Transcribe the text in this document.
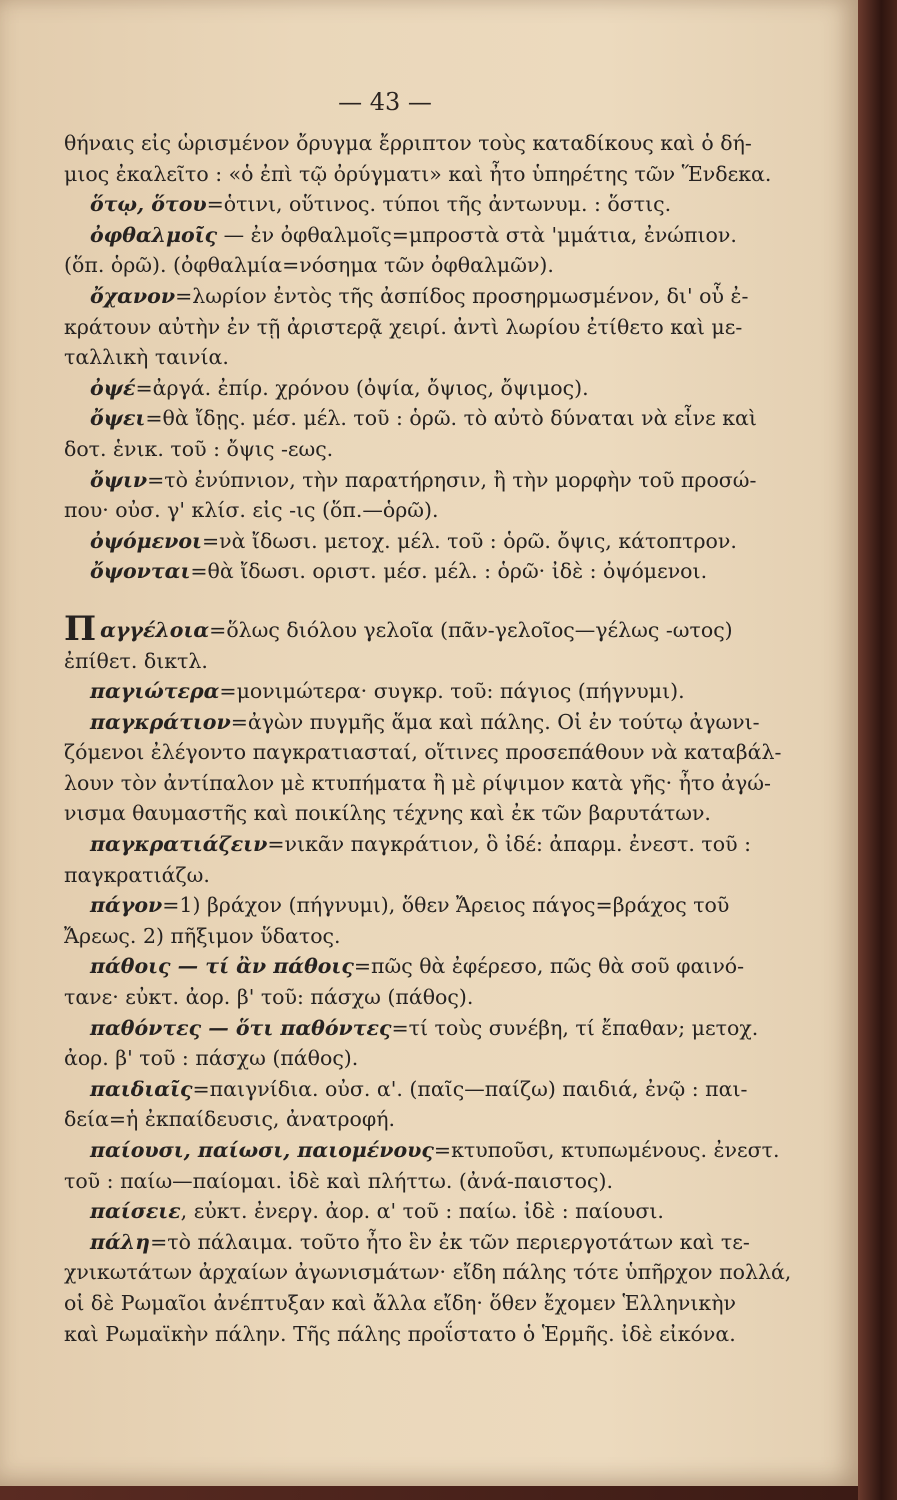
— 43 —
θήναις εἰς ὡρισμένον ὄρυγμα ἔρριπτον τοὺς καταδίκους καὶ ὁ δή-
μιος ἐκαλεῖτο : «ὁ ἐπὶ τῷ ὀρύγματι» καὶ ἦτο ὑπηρέτης τῶν Ἕνδεκα.
ὅτῳ, ὅτου=ὁτινι, οὕτινος. τύποι τῆς ἀντωνυμ. : ὅστις.
ὀφθαλμοῖς — ἐν ὀφθαλμοῖς=μπροστὰ στὰ 'μμάτια, ἐνώπιον.
(ὅπ. ὁρῶ). (ὀφθαλμία=νόσημα τῶν ὀφθαλμῶν).
ὄχανον=λωρίον ἐντὸς τῆς ἀσπίδος προσηρμωσμένον, δι' οὗ ἐ-
κράτουν αὐτὴν ἐν τῇ ἀριστερᾷ χειρί. ἀντὶ λωρίου ἐτίθετο καὶ με-
ταλλικὴ ταινία.
ὀψέ=ἀργά. ἐπίρ. χρόνου (ὀψία, ὄψιος, ὄψιμος).
ὄψει=θὰ ἴδῃς. μέσ. μέλ. τοῦ : ὁρῶ. τὸ αὐτὸ δύναται νὰ εἶνε καὶ
δοτ. ἑνικ. τοῦ : ὄψις -εως.
ὄψιν=τὸ ἐνύπνιον, τὴν παρατήρησιν, ἢ τὴν μορφὴν τοῦ προσώ-
που· οὐσ. γ' κλίσ. εἰς -ις (ὅπ.—ὁρῶ).
ὀψόμενοι=νὰ ἴδωσι. μετοχ. μέλ. τοῦ : ὁρῶ. ὄψις, κάτοπτρον.
ὄψονται=θὰ ἴδωσι. οριστ. μέσ. μέλ. : ὁρῶ· ἰδὲ : ὀψόμενοι.
Παγγέλοια=ὅλως διόλου γελοῖα (πᾶν-γελοῖος—γέλως -ωτος)
ἐπίθετ. δικτλ.
παγιώτερα=μονιμώτερα· συγκρ. τοῦ: πάγιος (πήγνυμι).
παγκράτιον=ἀγὼν πυγμῆς ἅμα καὶ πάλης. Οἱ ἐν τούτῳ ἀγωνι-
ζόμενοι ἐλέγοντο παγκρατιασταί, οἵτινες προσεπάθουν νὰ καταβάλ-
λουν τὸν ἀντίπαλον μὲ κτυπήματα ἢ μὲ ρίψιμον κατὰ γῆς· ἦτο ἀγώ-
νισμα θαυμαστῆς καὶ ποικίλης τέχνης καὶ ἐκ τῶν βαρυτάτων.
παγκρατιάζειν=νικᾶν παγκράτιον, ὃ ἰδέ: ἀπαρμ. ἐνεστ. τοῦ :
παγκρατιάζω.
πάγον=1) βράχον (πήγνυμι), ὅθεν Ἄρειος πάγος=βράχος τοῦ
Ἄρεως. 2) πῆξιμον ὕδατος.
πάθοις — τί ἂν πάθοις=πῶς θὰ ἐφέρεσο, πῶς θὰ σοῦ φαινό-
τανε· εὐκτ. ἀορ. β' τοῦ: πάσχω (πάθος).
παθόντες — ὅτι παθόντες=τί τοὺς συνέβη, τί ἔπαθαν; μετοχ.
ἀορ. β' τοῦ : πάσχω (πάθος).
παιδιαῖς=παιγνίδια. οὐσ. α'. (παῖς—παίζω) παιδιά, ἐνῷ : παι-
δεία=ἡ ἐκπαίδευσις, ἀνατροφή.
παίουσι, παίωσι, παιομένους=κτυποῦσι, κτυπωμένους. ἐνεστ.
τοῦ : παίω—παίομαι. ἰδὲ καὶ πλήττω. (ἀνά-παιστος).
παίσειε, εὐκτ. ἐνεργ. ἀορ. α' τοῦ : παίω. ἰδὲ : παίουσι.
πάλη=τὸ πάλαιμα. τοῦτο ἦτο ἓν ἐκ τῶν περιεργοτάτων καὶ τε-
χνικωτάτων ἀρχαίων ἀγωνισμάτων· εἴδη πάλης τότε ὑπῆρχον πολλά,
οἱ δὲ Ρωμαῖοι ἀνέπτυξαν καὶ ἄλλα εἴδη· ὅθεν ἔχομεν Ἑλληνικὴν
καὶ Ρωμαϊκὴν πάλην. Τῆς πάλης προΐστατο ὁ Ἑρμῆς. ἰδὲ εἰκόνα.
